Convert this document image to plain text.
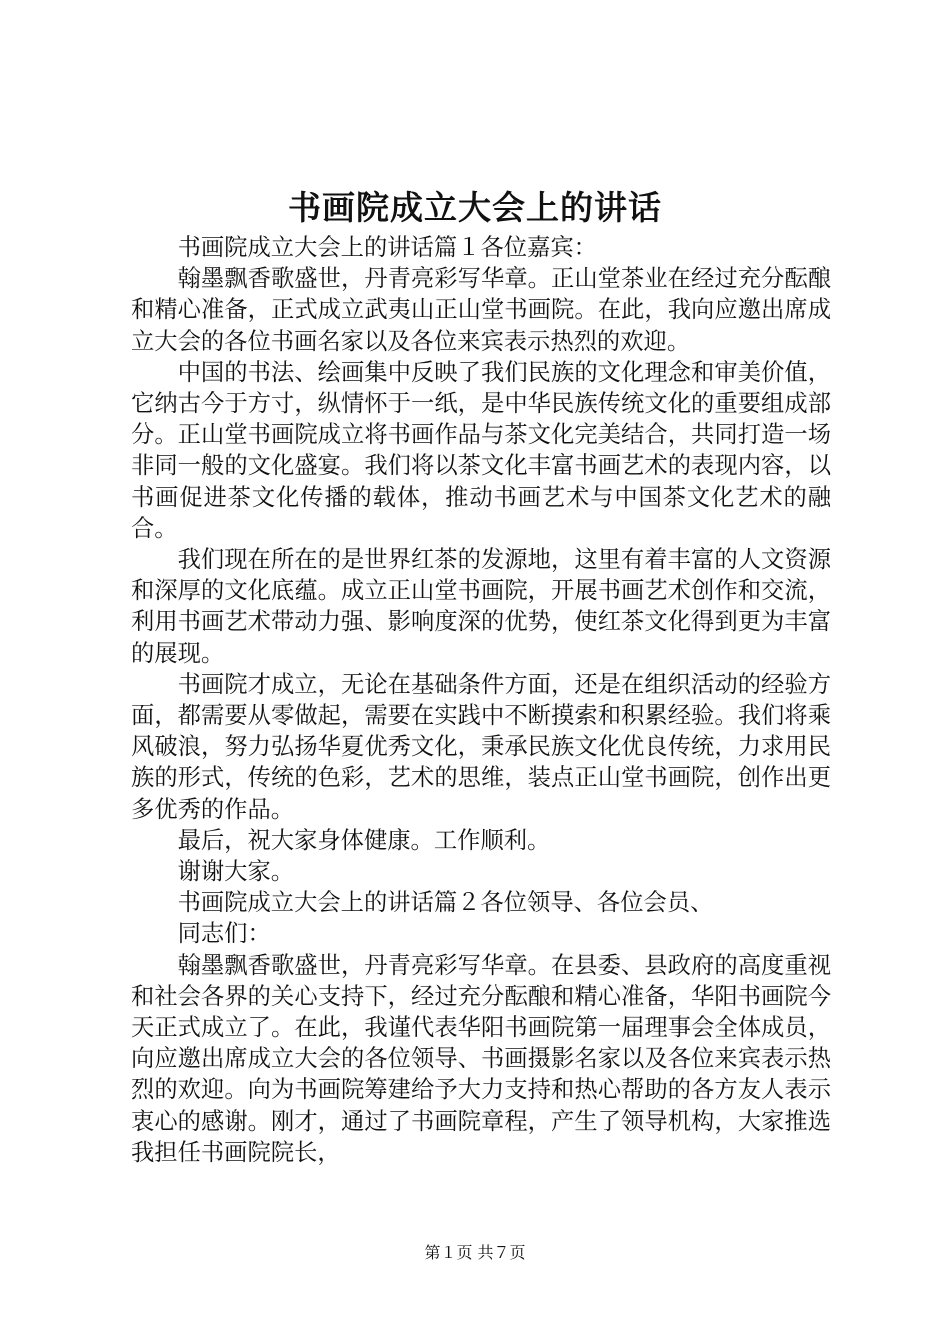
书画院成立大会上的讲话

书画院成立大会上的讲话篇１各位嘉宾：

翰墨飘香歌盛世，丹青亮彩写华章。正山堂茶业在经过充分酝酿和精心准备，正式成立武夷山正山堂书画院。在此，我向应邀出席成立大会的各位书画名家以及各位来宾表示热烈的欢迎。

中国的书法、绘画集中反映了我们民族的文化理念和审美价值，它纳古今于方寸，纵情怀于一纸，是中华民族传统文化的重要组成部分。正山堂书画院成立将书画作品与茶文化完美结合，共同打造一场非同一般的文化盛宴。我们将以茶文化丰富书画艺术的表现内容，以书画促进茶文化传播的载体，推动书画艺术与中国茶文化艺术的融合。

我们现在所在的是世界红茶的发源地，这里有着丰富的人文资源和深厚的文化底蕴。成立正山堂书画院，开展书画艺术创作和交流，利用书画艺术带动力强、影响度深的优势，使红茶文化得到更为丰富的展现。

书画院才成立，无论在基础条件方面，还是在组织活动的经验方面，都需要从零做起，需要在实践中不断摸索和积累经验。我们将乘风破浪，努力弘扬华夏优秀文化，秉承民族文化优良传统，力求用民族的形式，传统的色彩，艺术的思维，装点正山堂书画院，创作出更多优秀的作品。

最后，祝大家身体健康。工作顺利。

谢谢大家。

书画院成立大会上的讲话篇２各位领导、各位会员、

同志们：

翰墨飘香歌盛世，丹青亮彩写华章。在县委、县政府的高度重视和社会各界的关心支持下，经过充分酝酿和精心准备，华阳书画院今天正式成立了。在此，我谨代表华阳书画院第一届理事会全体成员，向应邀出席成立大会的各位领导、书画摄影名家以及各位来宾表示热烈的欢迎。向为书画院筹建给予大力支持和热心帮助的各方友人表示衷心的感谢。刚才，通过了书画院章程，产生了领导机构，大家推选我担任书画院院长，

第１页 共７页
